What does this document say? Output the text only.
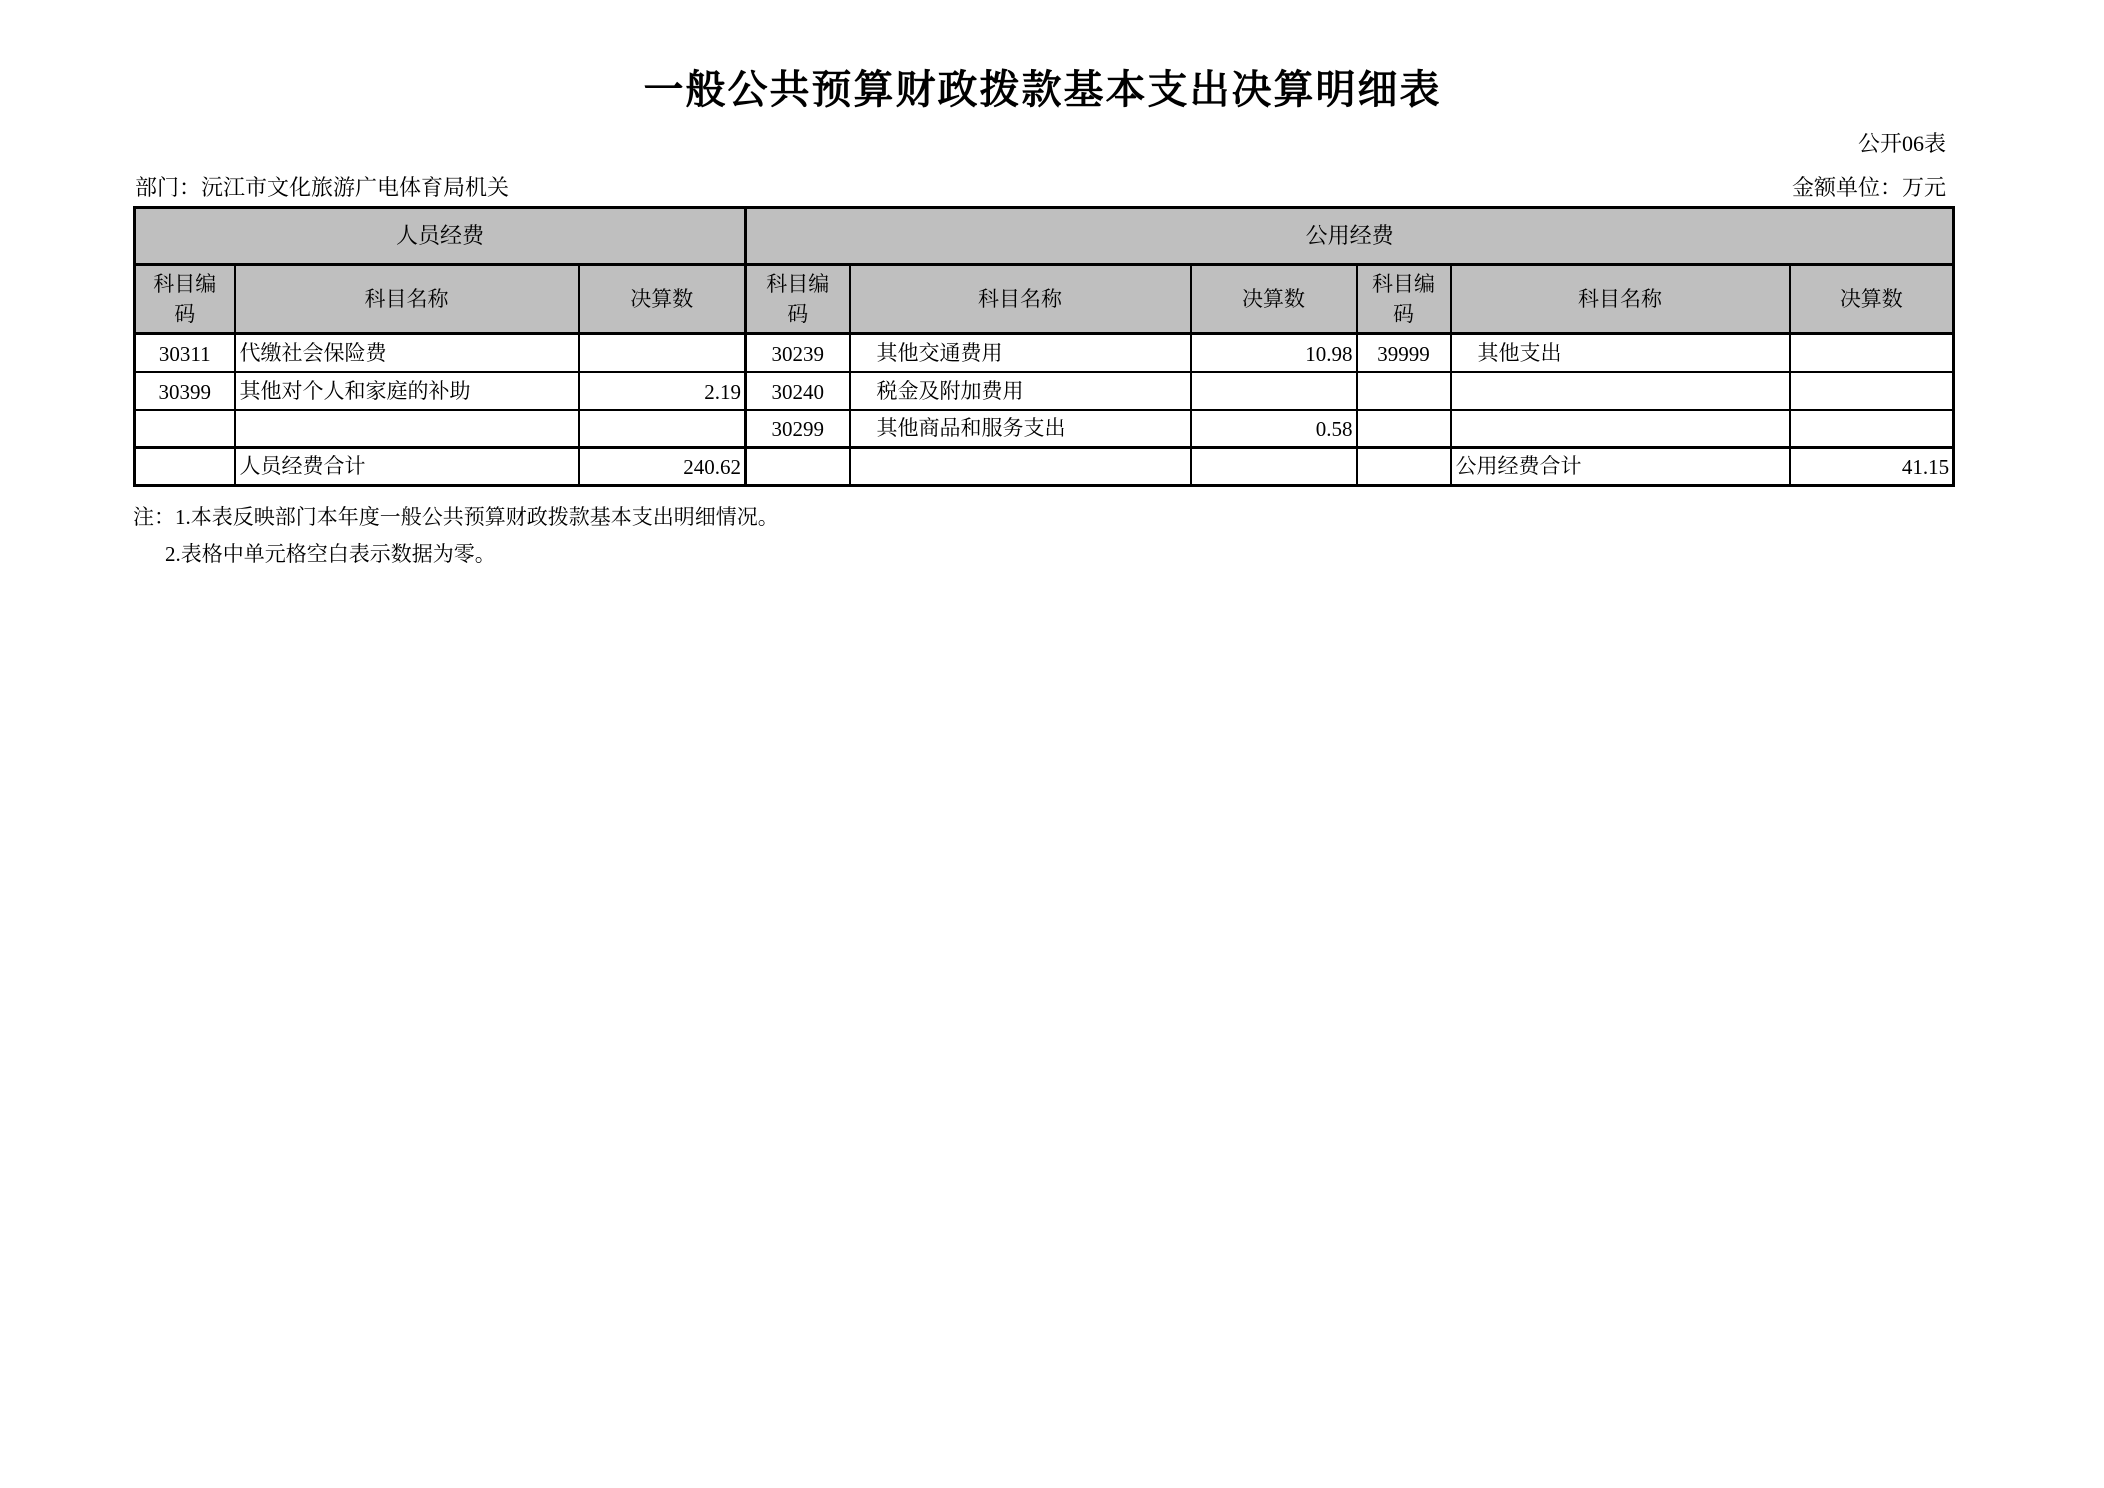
一般公共预算财政拨款基本支出决算明细表
公开06表
部门：沅江市文化旅游广电体育局机关	金额单位：万元
人员经费			公用经费					
科目编码	科目名称	决算数	科目编码	科目名称	决算数	科目编码	科目名称	决算数
30311	代缴社会保险费		30239	其他交通费用	10.98	39999	其他支出	
30399	其他对个人和家庭的补助	2.19	30240	税金及附加费用				
			30299	其他商品和服务支出	0.58			
	人员经费合计	240.62					公用经费合计	41.15
注：1.本表反映部门本年度一般公共预算财政拨款基本支出明细情况。
2.表格中单元格空白表示数据为零。
